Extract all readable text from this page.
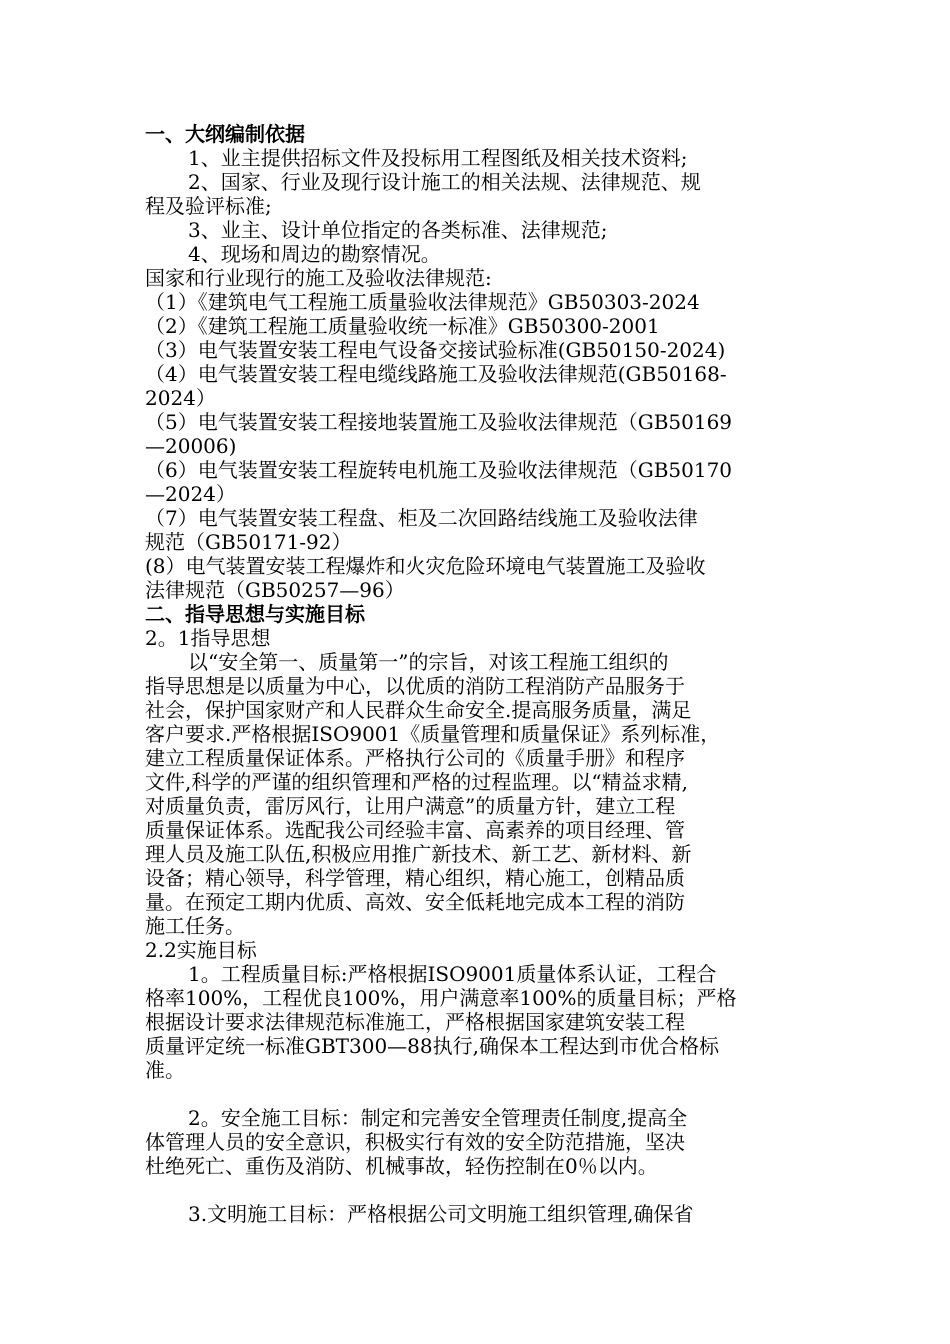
一、大纲编制依据
1、业主提供招标文件及投标用工程图纸及相关技术资料;
2、国家、行业及现行设计施工的相关法规、法律规范、规
程及验评标准;
3、业主、设计单位指定的各类标准、法律规范;
4、现场和周边的勘察情况。
国家和行业现行的施工及验收法律规范:
（1）《建筑电气工程施工质量验收法律规范》GB50303-2024
（2）《建筑工程施工质量验收统一标准》GB50300-2001
（3）电气装置安装工程电气设备交接试验标准(GB50150-2024)
（4）电气装置安装工程电缆线路施工及验收法律规范(GB50168-
2024）
（5）电气装置安装工程接地装置施工及验收法律规范（GB50169
—20006)
（6）电气装置安装工程旋转电机施工及验收法律规范（GB50170
—2024）
（7）电气装置安装工程盘、柜及二次回路结线施工及验收法律
规范（GB50171-92）
(8）电气装置安装工程爆炸和火灾危险环境电气装置施工及验收
法律规范（GB50257—96）
二、指导思想与实施目标
2。1指导思想
以“安全第一、质量第一”的宗旨，对该工程施工组织的
指导思想是以质量为中心，以优质的消防工程消防产品服务于
社会，保护国家财产和人民群众生命安全.提高服务质量，满足
客户要求.严格根据ISO9001《质量管理和质量保证》系列标准，
建立工程质量保证体系。严格执行公司的《质量手册》和程序
文件,科学的严谨的组织管理和严格的过程监理。以“精益求精,
对质量负责，雷厉风行，让用户满意”的质量方针，建立工程
质量保证体系。选配我公司经验丰富、高素养的项目经理、管
理人员及施工队伍,积极应用推广新技术、新工艺、新材料、新
设备；精心领导，科学管理，精心组织，精心施工，创精品质
量。在预定工期内优质、高效、安全低耗地完成本工程的消防
施工任务。
2.2实施目标
1。工程质量目标:严格根据ISO9001质量体系认证，工程合
格率100%，工程优良100%，用户满意率100%的质量目标；严格
根据设计要求法律规范标准施工，严格根据国家建筑安装工程
质量评定统一标准GBT300—88执行,确保本工程达到市优合格标
准。
2。安全施工目标：制定和完善安全管理责任制度,提高全
体管理人员的安全意识，积极实行有效的安全防范措施，坚决
杜绝死亡、重伤及消防、机械事故，轻伤控制在0％以内。
3.文明施工目标：严格根据公司文明施工组织管理,确保省
